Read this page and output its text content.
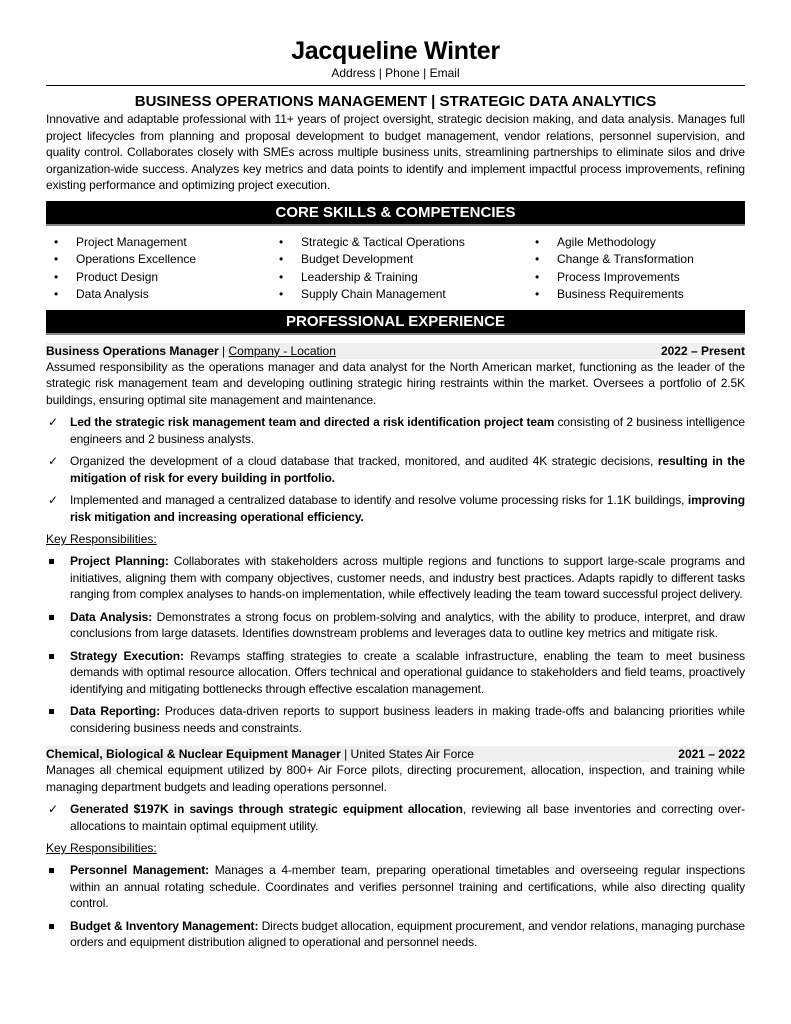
Jacqueline Winter
Address | Phone | Email
BUSINESS OPERATIONS MANAGEMENT | STRATEGIC DATA ANALYTICS

Innovative and adaptable professional with 11+ years of project oversight, strategic decision making, and data analysis. Manages full project lifecycles from planning and proposal development to budget management, vendor relations, personnel supervision, and quality control. Collaborates closely with SMEs across multiple business units, streamlining partnerships to eliminate silos and drive organization-wide success. Analyzes key metrics and data points to identify and implement impactful process improvements, refining existing performance and optimizing project execution.

CORE SKILLS & COMPETENCIES
• Project Management
• Operations Excellence
• Product Design
• Data Analysis
• Strategic & Tactical Operations
• Budget Development
• Leadership & Training
• Supply Chain Management
• Agile Methodology
• Change & Transformation
• Process Improvements
• Business Requirements
PROFESSIONAL EXPERIENCE
Business Operations Manager | Company - Location	2022 – Present

Assumed responsibility as the operations manager and data analyst for the North American market, functioning as the leader of the strategic risk management team and developing outlining strategic hiring restraints within the market. Oversees a portfolio of 2.5K buildings, ensuring optimal site management and maintenance.

✓ Led the strategic risk management team and directed a risk identification project team consisting of 2 business intelligence engineers and 2 business analysts.
✓ Organized the development of a cloud database that tracked, monitored, and audited 4K strategic decisions, resulting in the mitigation of risk for every building in portfolio.
✓ Implemented and managed a centralized database to identify and resolve volume processing risks for 1.1K buildings, improving risk mitigation and increasing operational efficiency.
Key Responsibilities:
Project Planning: Collaborates with stakeholders across multiple regions and functions to support large-scale programs and initiatives, aligning them with company objectives, customer needs, and industry best practices. Adapts rapidly to different tasks ranging from complex analyses to hands-on implementation, while effectively leading the team toward successful project delivery.
Data Analysis: Demonstrates a strong focus on problem-solving and analytics, with the ability to produce, interpret, and draw conclusions from large datasets. Identifies downstream problems and leverages data to outline key metrics and mitigate risk.
Strategy Execution: Revamps staffing strategies to create a scalable infrastructure, enabling the team to meet business demands with optimal resource allocation. Offers technical and operational guidance to stakeholders and field teams, proactively identifying and mitigating bottlenecks through effective escalation management.
Data Reporting: Produces data-driven reports to support business leaders in making trade-offs and balancing priorities while considering business needs and constraints.
Chemical, Biological & Nuclear Equipment Manager | United States Air Force	2021 – 2022

Manages all chemical equipment utilized by 800+ Air Force pilots, directing procurement, allocation, inspection, and training while managing department budgets and leading operations personnel.

✓ Generated $197K in savings through strategic equipment allocation, reviewing all base inventories and correcting over-allocations to maintain optimal equipment utility.
Key Responsibilities:
Personnel Management: Manages a 4-member team, preparing operational timetables and overseeing regular inspections within an annual rotating schedule. Coordinates and verifies personnel training and certifications, while also directing quality control.
Budget & Inventory Management: Directs budget allocation, equipment procurement, and vendor relations, managing purchase orders and equipment distribution aligned to operational and personnel needs.
